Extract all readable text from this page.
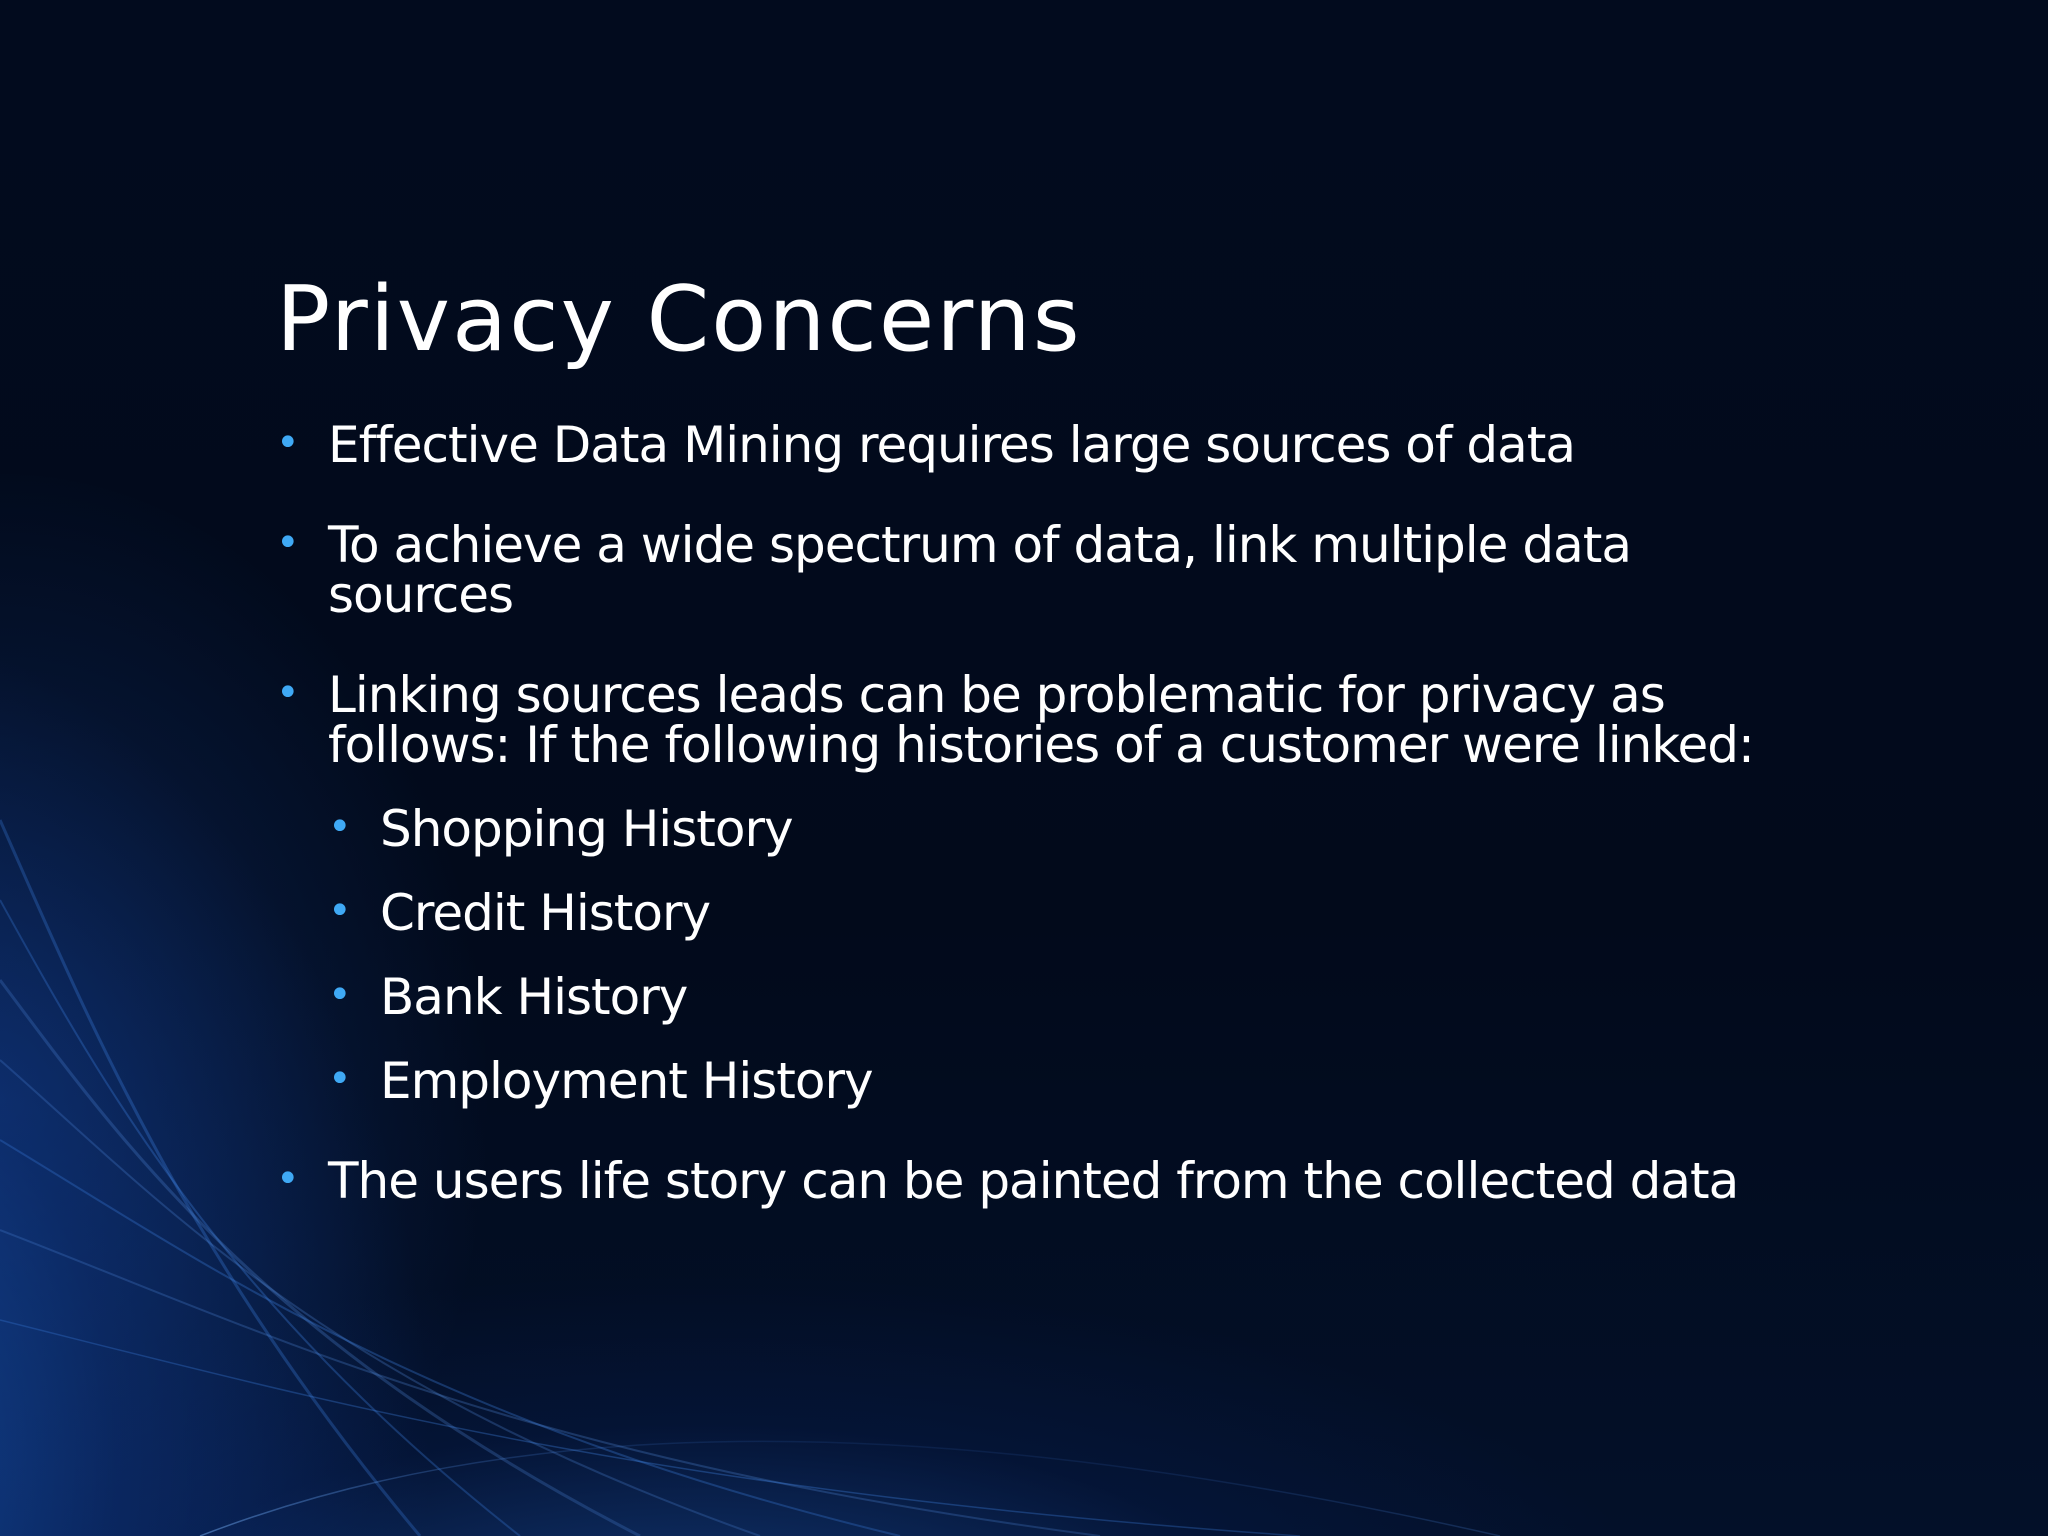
Privacy Concerns

• Effective Data Mining requires large sources of data

• To achieve a wide spectrum of data, link multiple data sources

• Linking sources leads can be problematic for privacy as follows: If the following histories of a customer were linked:

• Shopping History

• Credit History

• Bank History

• Employment History

• The users life story can be painted from the collected data
